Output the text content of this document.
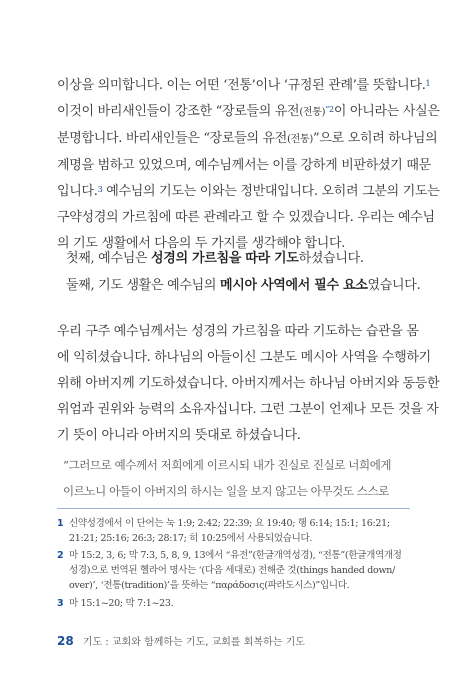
이상을 의미합니다. 이는 어떤 ‘전통’이나 ‘규정된 관례’를 뜻합니다.$^1$
이것이 바리새인들이 강조한 “장로들의 유전(전통)$^{”2}$이 아니라는 사실은
분명합니다. 바리새인들은 “장로들의 유전(전통)”으로 오히려 하나님의
계명을 범하고 있었으며, 예수님께서는 이를 강하게 비판하셨기 때문
입니다.$^3$ 예수님의 기도는 이와는 정반대입니다. 오히려 그분의 기도는
구약성경의 가르침에 따른 관례라고 할 수 있겠습니다. 우리는 예수님
의 기도 생활에서 다음의 두 가지를 생각해야 합니다.
첫째, 예수님은 성경의 가르침을 따라 기도하셨습니다.
둘째, 기도 생활은 예수님의 메시아 사역에서 필수 요소였습니다.
우리 구주 예수님께서는 성경의 가르침을 따라 기도하는 습관을 몸
에 익히셨습니다. 하나님의 아들이신 그분도 메시아 사역을 수행하기
위해 아버지께 기도하셨습니다. 아버지께서는 하나님 아버지와 동등한
위엄과 권위와 능력의 소유자십니다. 그런 그분이 언제나 모든 것을 자
기 뜻이 아니라 아버지의 뜻대로 하셨습니다.
“그러므로 예수께서 저희에게 이르시되 내가 진실로 진실로 너희에게
이르노니 아들이 아버지의 하시는 일을 보지 않고는 아무것도 스스로
1 신약성경에서 이 단어는 눅 1:9; 2:42; 22:39; 요 19:40; 행 6:14; 15:1; 16:21;
21:21; 25:16; 26:3; 28:17; 히 10:25에서 사용되었습니다.
2 마 15:2, 3, 6; 막 7:3, 5, 8, 9, 13에서 “유전”(한글개역성경), “전통”(한글개역개정
성경)으로 번역된 헬라어 명사는 ‘(다음 세대로) 전해준 것(things handed down/
over)’, ‘전통(tradition)’을 뜻하는 “παράδοσις(파라도시스)”입니다.
3 마 15:1~20; 막 7:1~23.
28 기도 : 교회와 함께하는 기도, 교회를 회복하는 기도
